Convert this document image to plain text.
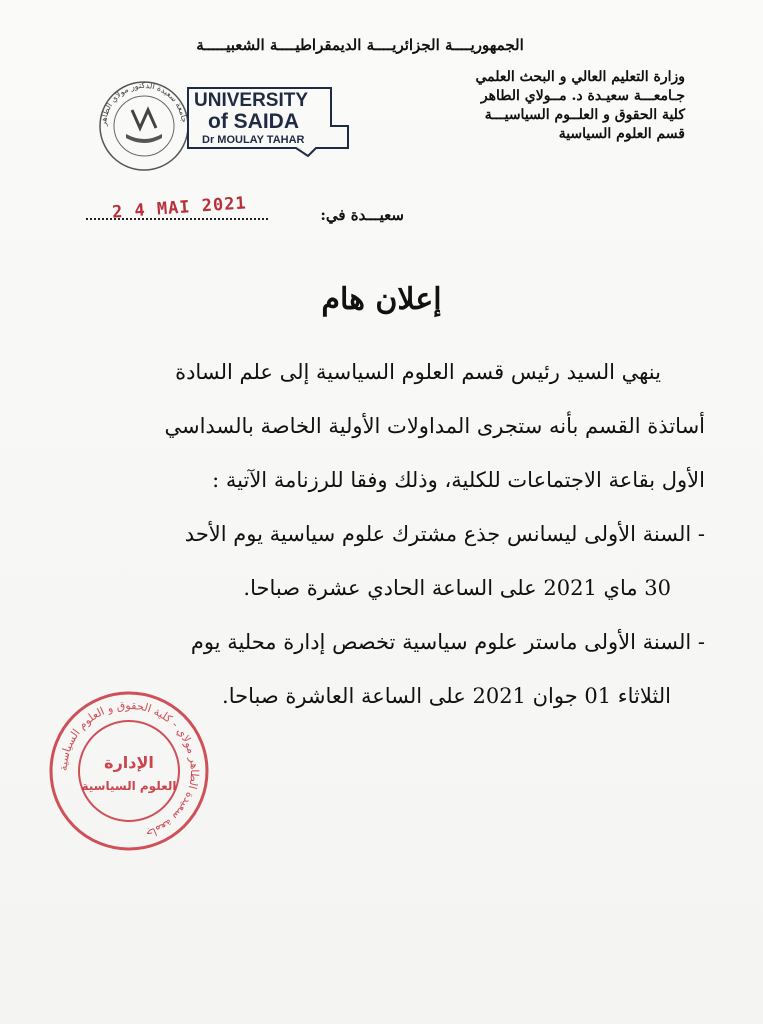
الجمهوريــــة الجزائريــــة الديمقراطيــــة الشعبيـــــة
وزارة التعليم العالي و البحث العلمي
جـامعـــة سعيـدة د. مــولاي الطاهر
كلية الحقوق و العلــوم السياسيـــة
قسم العلوم السياسية
جامعة سعيدة الدكتور مولاي الطاهر
UNIVERSITY
of SAIDA
Dr MOULAY TAHAR
سعيـــدة في:
2 4 MAI 2021
إعلان هام
ينهي السيد رئيس قسم العلوم السياسية إلى علم السادة
أساتذة القسم بأنه ستجرى المداولات الأولية الخاصة بالسداسي
الأول بقاعة الاجتماعات للكلية، وذلك وفقا للرزنامة الآتية :
- السنة الأولى ليسانس جذع مشترك علوم سياسية يوم الأحد
30 ماي 2021 على الساعة الحادي عشرة صباحا.
- السنة الأولى ماستر علوم سياسية تخصص إدارة محلية يوم
الثلاثاء 01 جوان 2021 على الساعة العاشرة صباحا.
جامعة سعيدة الطاهر مولاي - كلية الحقوق و العلوم السياسية
الإدارة
العلوم السياسية
